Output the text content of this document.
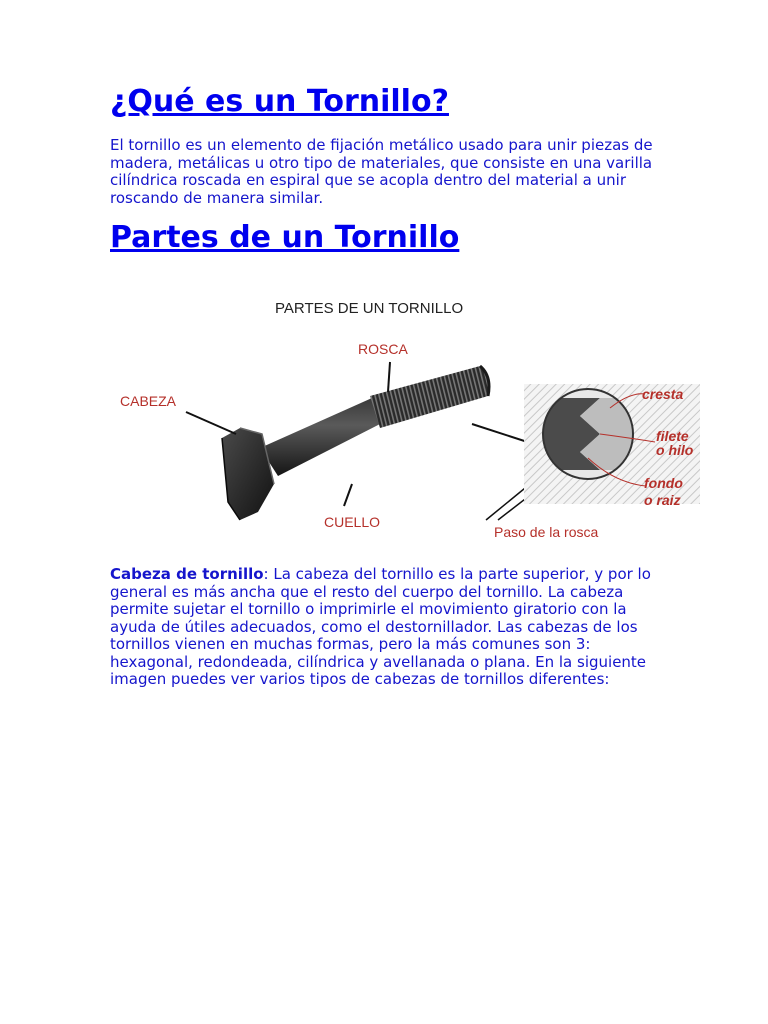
¿Qué es un Tornillo?

El tornillo es un elemento de fijación metálico usado para unir piezas de madera, metálicas u otro tipo de materiales, que consiste en una varilla cilíndrica roscada en espiral que se acopla dentro del material a unir roscando de manera similar.

Partes de un Tornillo

Cabeza de tornillo: La cabeza del tornillo es la parte superior, y por lo general es más ancha que el resto del cuerpo del tornillo. La cabeza permite sujetar el tornillo o imprimirle el movimiento giratorio con la ayuda de útiles adecuados, como el destornillador. Las cabezas de los tornillos vienen en muchas formas, pero la más comunes son 3: hexagonal, redondeada, cilíndrica y avellanada o plana. En la siguiente imagen puedes ver varios tipos de cabezas de tornillos diferentes:

PARTES DE UN TORNILLO
ROSCA
CABEZA
CUELLO
Paso de la rosca
cresta
filete
o hilo
fondo
o raiz
